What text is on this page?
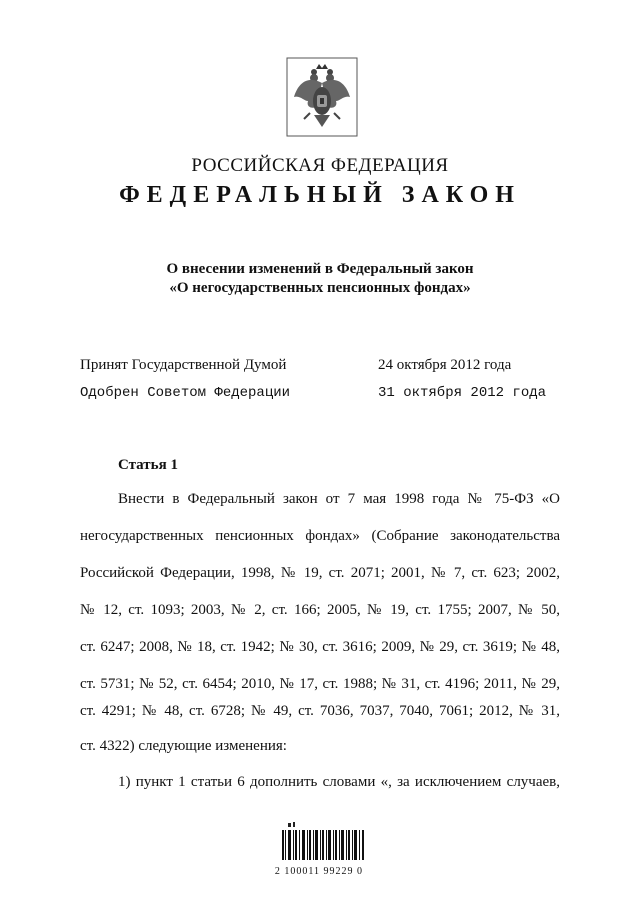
РОССИЙСКАЯ ФЕДЕРАЦИЯ
ФЕДЕРАЛЬНЫЙ ЗАКОН
О внесении изменений в Федеральный закон
«О негосударственных пенсионных фондах»
Принят Государственной Думой	24 октября 2012 года
Одобрен Советом Федерации	31 октября 2012 года
Статья 1
Внести в Федеральный закон от 7 мая 1998 года № 75-ФЗ «О
негосударственных пенсионных фондах» (Собрание законодательства
Российской Федерации, 1998, № 19, ст. 2071; 2001, № 7, ст. 623; 2002,
№ 12, ст. 1093; 2003, № 2, ст. 166; 2005, № 19, ст. 1755; 2007, № 50,
ст. 6247; 2008, № 18, ст. 1942; № 30, ст. 3616; 2009, № 29, ст. 3619; № 48,
ст. 5731; № 52, ст. 6454; 2010, № 17, ст. 1988; № 31, ст. 4196; 2011, № 29,
ст. 4291; № 48, ст. 6728; № 49, ст. 7036, 7037, 7040, 7061; 2012, № 31,
ст. 4322) следующие изменения:
1) пункт 1 статьи 6 дополнить словами «, за исключением случаев,
2 100011 99229 0
